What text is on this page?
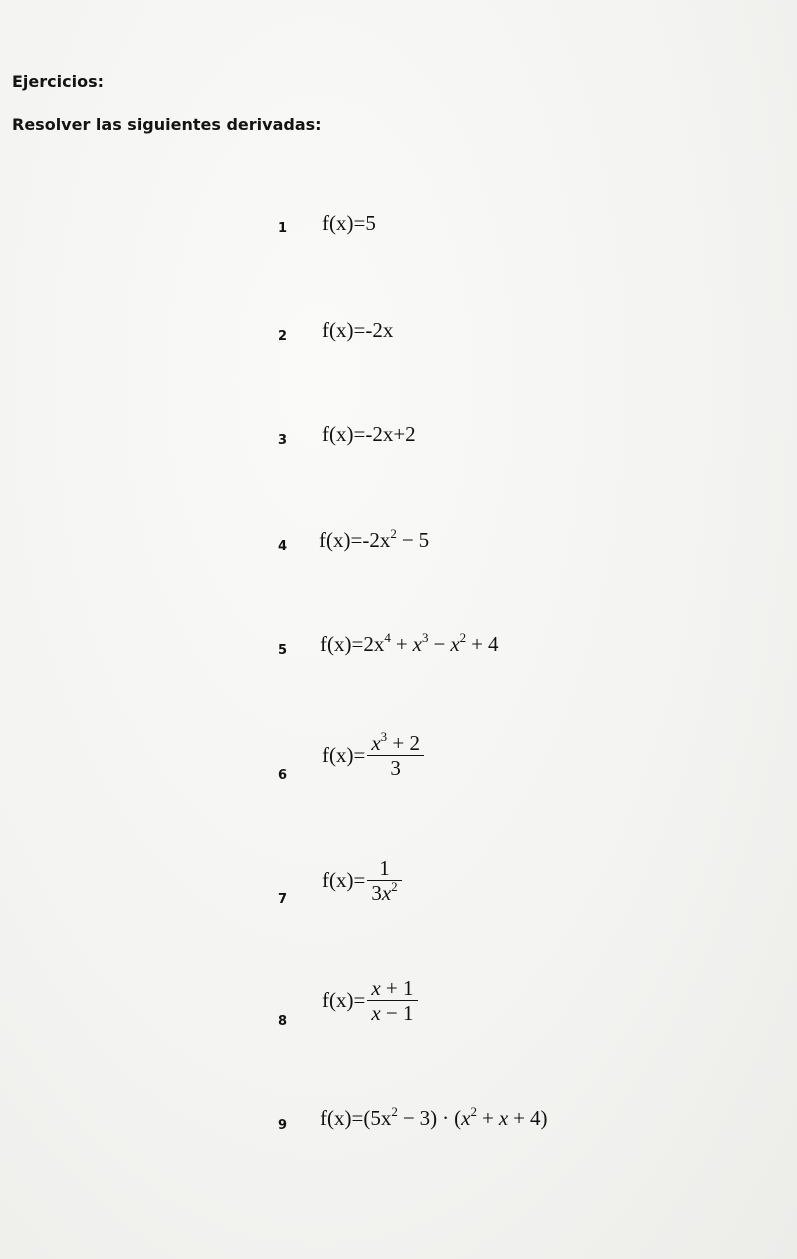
Ejercicios:
Resolver las siguientes derivadas:
1 f(x)=5
2 f(x)=-2x
3 f(x)=-2x+2
4 $f(x)=-2x^2 - 5$
5 $f(x)=2x^4 + x^3 - x^2 + 4$
6
$f(x)= \frac{x^3 + 2}{3}$
7
$f(x)= \frac{1}{3x^2}$
8
$f(x)= \frac{x + 1}{x - 1}$
9 $f(x)=(5x^2 - 3) \cdot (x^2 + x + 4)$
